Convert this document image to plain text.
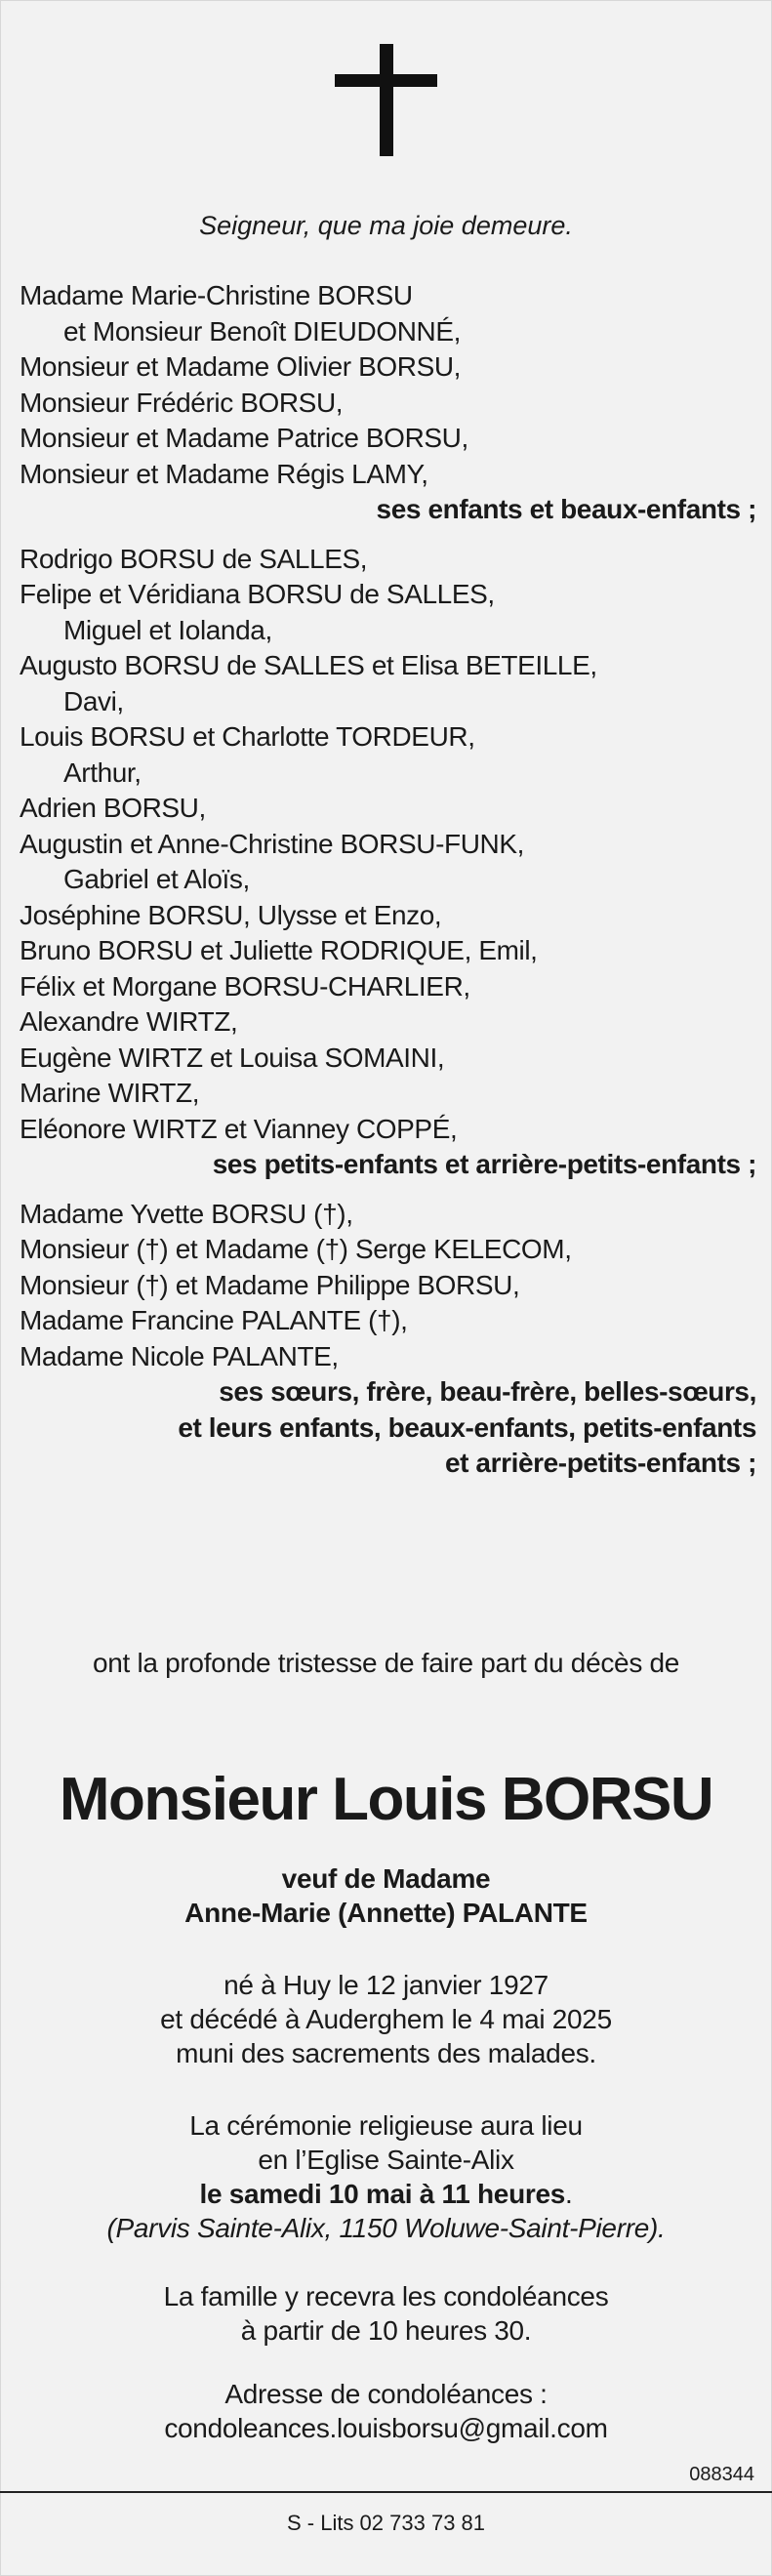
Seigneur, que ma joie demeure.
Madame Marie-Christine BORSU
et Monsieur Benoît DIEUDONNÉ,
Monsieur et Madame Olivier BORSU,
Monsieur Frédéric BORSU,
Monsieur et Madame Patrice BORSU,
Monsieur et Madame Régis LAMY,
ses enfants et beaux-enfants ;
Rodrigo BORSU de SALLES,
Felipe et Véridiana BORSU de SALLES,
Miguel et Iolanda,
Augusto BORSU de SALLES et Elisa BETEILLE,
Davi,
Louis BORSU et Charlotte TORDEUR,
Arthur,
Adrien BORSU,
Augustin et Anne-Christine BORSU-FUNK,
Gabriel et Aloïs,
Joséphine BORSU, Ulysse et Enzo,
Bruno BORSU et Juliette RODRIQUE, Emil,
Félix et Morgane BORSU-CHARLIER,
Alexandre WIRTZ,
Eugène WIRTZ et Louisa SOMAINI,
Marine WIRTZ,
Eléonore WIRTZ et Vianney COPPÉ,
ses petits-enfants et arrière-petits-enfants ;
Madame Yvette BORSU (†),
Monsieur (†) et Madame (†) Serge KELECOM,
Monsieur (†) et Madame Philippe BORSU,
Madame Francine PALANTE (†),
Madame Nicole PALANTE,
ses sœurs, frère, beau-frère, belles-sœurs,
et leurs enfants, beaux-enfants, petits-enfants
et arrière-petits-enfants ;
ont la profonde tristesse de faire part du décès de
Monsieur Louis BORSU
veuf de Madame
Anne-Marie (Annette) PALANTE
né à Huy le 12 janvier 1927
et décédé à Auderghem le 4 mai 2025
muni des sacrements des malades.
La cérémonie religieuse aura lieu
en l’Eglise Sainte-Alix
le samedi 10 mai à 11 heures.
(Parvis Sainte-Alix, 1150 Woluwe-Saint-Pierre).
La famille y recevra les condoléances
à partir de 10 heures 30.
Adresse de condoléances :
condoleances.louisborsu@gmail.com
088344
S - Lits 02 733 73 81
